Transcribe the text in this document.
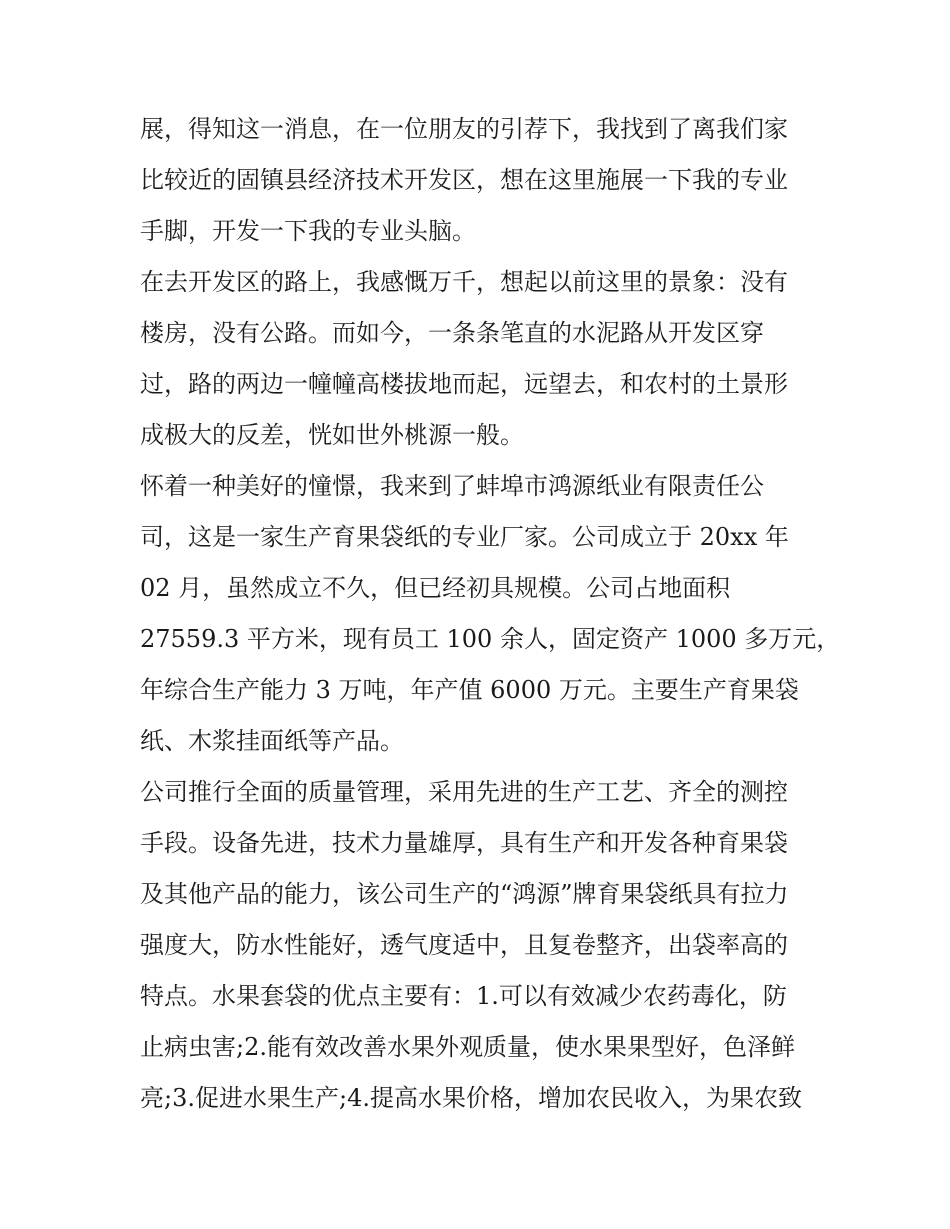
展，得知这一消息，在一位朋友的引荐下，我找到了离我们家
比较近的固镇县经济技术开发区，想在这里施展一下我的专业
手脚，开发一下我的专业头脑。
在去开发区的路上，我感慨万千，想起以前这里的景象：没有
楼房，没有公路。而如今，一条条笔直的水泥路从开发区穿
过，路的两边一幢幢高楼拔地而起，远望去，和农村的土景形
成极大的反差，恍如世外桃源一般。
怀着一种美好的憧憬，我来到了蚌埠市鸿源纸业有限责任公
司，这是一家生产育果袋纸的专业厂家。公司成立于 20xx 年
02 月，虽然成立不久，但已经初具规模。公司占地面积
27559.3 平方米，现有员工 100 余人，固定资产 1000 多万元，
年综合生产能力 3 万吨，年产值 6000 万元。主要生产育果袋
纸、木浆挂面纸等产品。
公司推行全面的质量管理，采用先进的生产工艺、齐全的测控
手段。设备先进，技术力量雄厚，具有生产和开发各种育果袋
及其他产品的能力，该公司生产的“鸿源”牌育果袋纸具有拉力
强度大，防水性能好，透气度适中，且复卷整齐，出袋率高的
特点。水果套袋的优点主要有：1.可以有效减少农药毒化，防
止病虫害;2.能有效改善水果外观质量，使水果果型好，色泽鲜
亮;3.促进水果生产;4.提高水果价格，增加农民收入，为果农致
